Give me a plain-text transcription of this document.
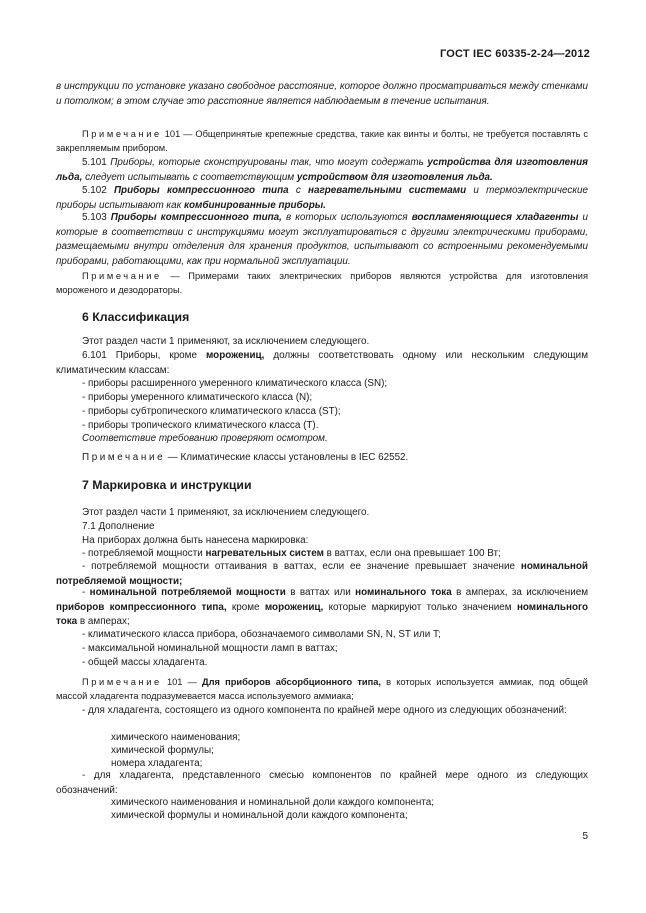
ГОСТ IEC 60335-2-24—2012

в инструкции по установке указано свободное расстояние, которое должно просматриваться между стенками и потолком; в этом случае это расстояние является наблюдаемым в течение испытания.

Примечание 101 — Общепринятые крепежные средства, такие как винты и болты, не требуется поставлять с закрепляемым прибором.

5.101 Приборы, которые сконструированы так, что могут содержать устройства для изготовления льда, следует испытывать с соответствующим устройством для изготовления льда.

5.102 Приборы компрессионного типа с нагревательными системами и термоэлектрические приборы испытывают как комбинированные приборы.

5.103 Приборы компрессионного типа, в которых используются воспламеняющиеся хладагенты и которые в соответствии с инструкциями могут эксплуатироваться с другими электрическими приборами, размещаемыми внутри отделения для хранения продуктов, испытывают со встроенными рекомендуемыми приборами, работающими, как при нормальной эксплуатации.

Примечание — Примерами таких электрических приборов являются устройства для изготовления мороженого и дезодораторы.

6 Классификация

Этот раздел части 1 применяют, за исключением следующего.

6.101 Приборы, кроме морожениц, должны соответствовать одному или нескольким следующим климатическим классам:

- приборы расширенного умеренного климатического класса (SN);

- приборы умеренного климатического класса (N);

- приборы субтропического климатического класса (ST);

- приборы тропического климатического класса (T).

Соответствие требованию проверяют осмотром.

Примечание — Климатические классы установлены в IEC 62552.

7 Маркировка и инструкции

Этот раздел части 1 применяют, за исключением следующего.

7.1 Дополнение

На приборах должна быть нанесена маркировка:

- потребляемой мощности нагревательных систем в ваттах, если она превышает 100 Вт;

- потребляемой мощности оттаивания в ваттах, если ее значение превышает значение номинальной потребляемой мощности;

- номинальной потребляемой мощности в ваттах или номинального тока в амперах, за исключением приборов компрессионного типа, кроме морожениц, которые маркируют только значением номинального тока в амперах;

- климатического класса прибора, обозначаемого символами SN, N, ST или T;

- максимальной номинальной мощности ламп в ваттах;

- общей массы хладагента.

Примечание 101 — Для приборов абсорбционного типа, в которых используется аммиак, под общей массой хладагента подразумевается масса используемого аммиака;

- для хладагента, состоящего из одного компонента по крайней мере одного из следующих обозначений:

химического наименования;

химической формулы;

номера хладагента;

- для хладагента, представленного смесью компонентов по крайней мере одного из следующих обозначений:

химического наименования и номинальной доли каждого компонента;

химической формулы и номинальной доли каждого компонента;

5
